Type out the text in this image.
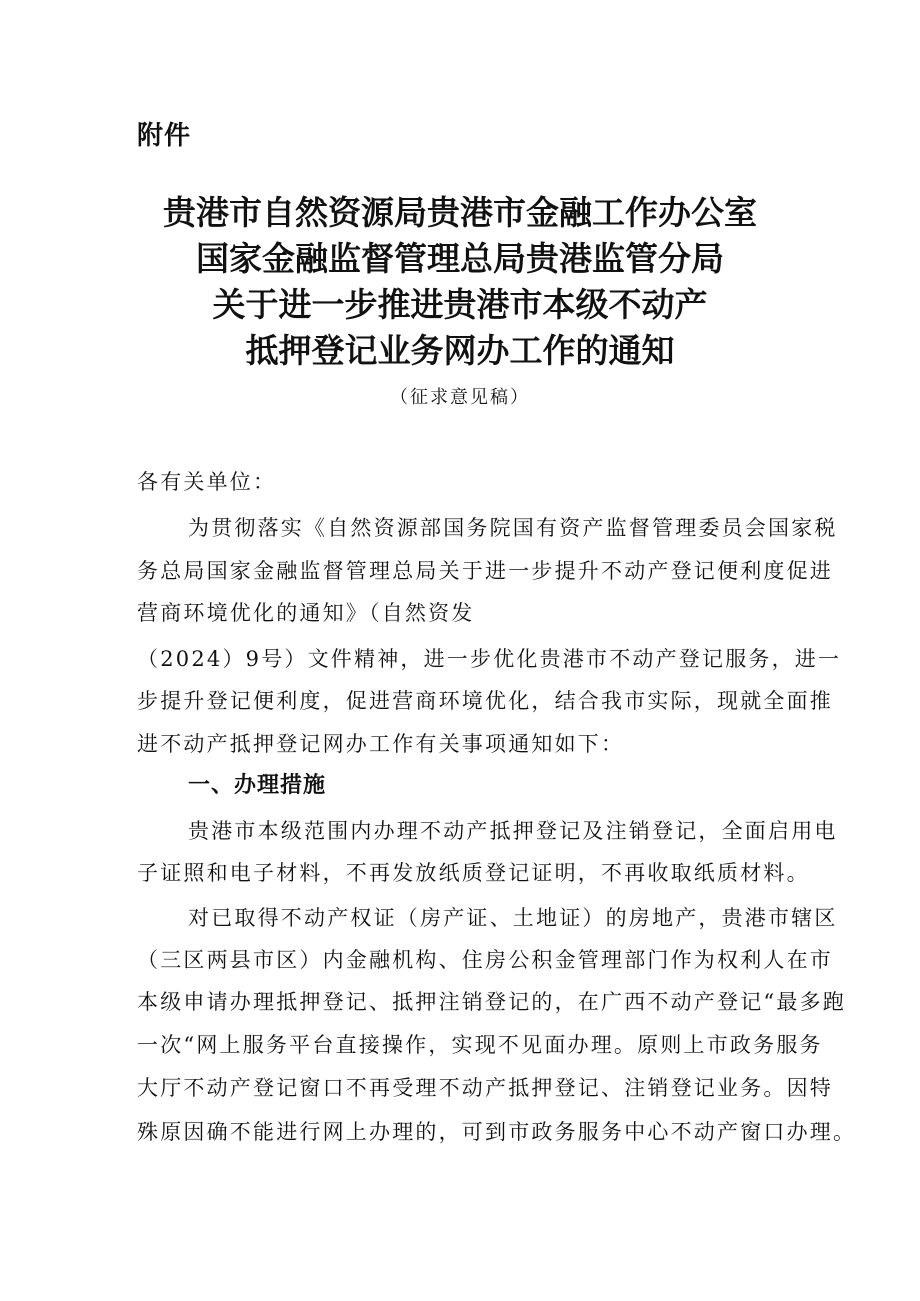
附件
贵港市自然资源局贵港市金融工作办公室
国家金融监督管理总局贵港监管分局
关于进一步推进贵港市本级不动产
抵押登记业务网办工作的通知
（征求意见稿）
各有关单位：
为贯彻落实《自然资源部国务院国有资产监督管理委员会国家税
务总局国家金融监督管理总局关于进一步提升不动产登记便利度促进
营商环境优化的通知》（自然资发
（2024）9号）文件精神，进一步优化贵港市不动产登记服务，进一
步提升登记便利度，促进营商环境优化，结合我市实际，现就全面推
进不动产抵押登记网办工作有关事项通知如下：
一、办理措施
贵港市本级范围内办理不动产抵押登记及注销登记，全面启用电
子证照和电子材料，不再发放纸质登记证明，不再收取纸质材料。
对已取得不动产权证（房产证、土地证）的房地产，贵港市辖区
（三区两县市区）内金融机构、住房公积金管理部门作为权利人在市
本级申请办理抵押登记、抵押注销登记的，在广西不动产登记“最多跑
一次“网上服务平台直接操作，实现不见面办理。原则上市政务服务
大厅不动产登记窗口不再受理不动产抵押登记、注销登记业务。因特
殊原因确不能进行网上办理的，可到市政务服务中心不动产窗口办理。
